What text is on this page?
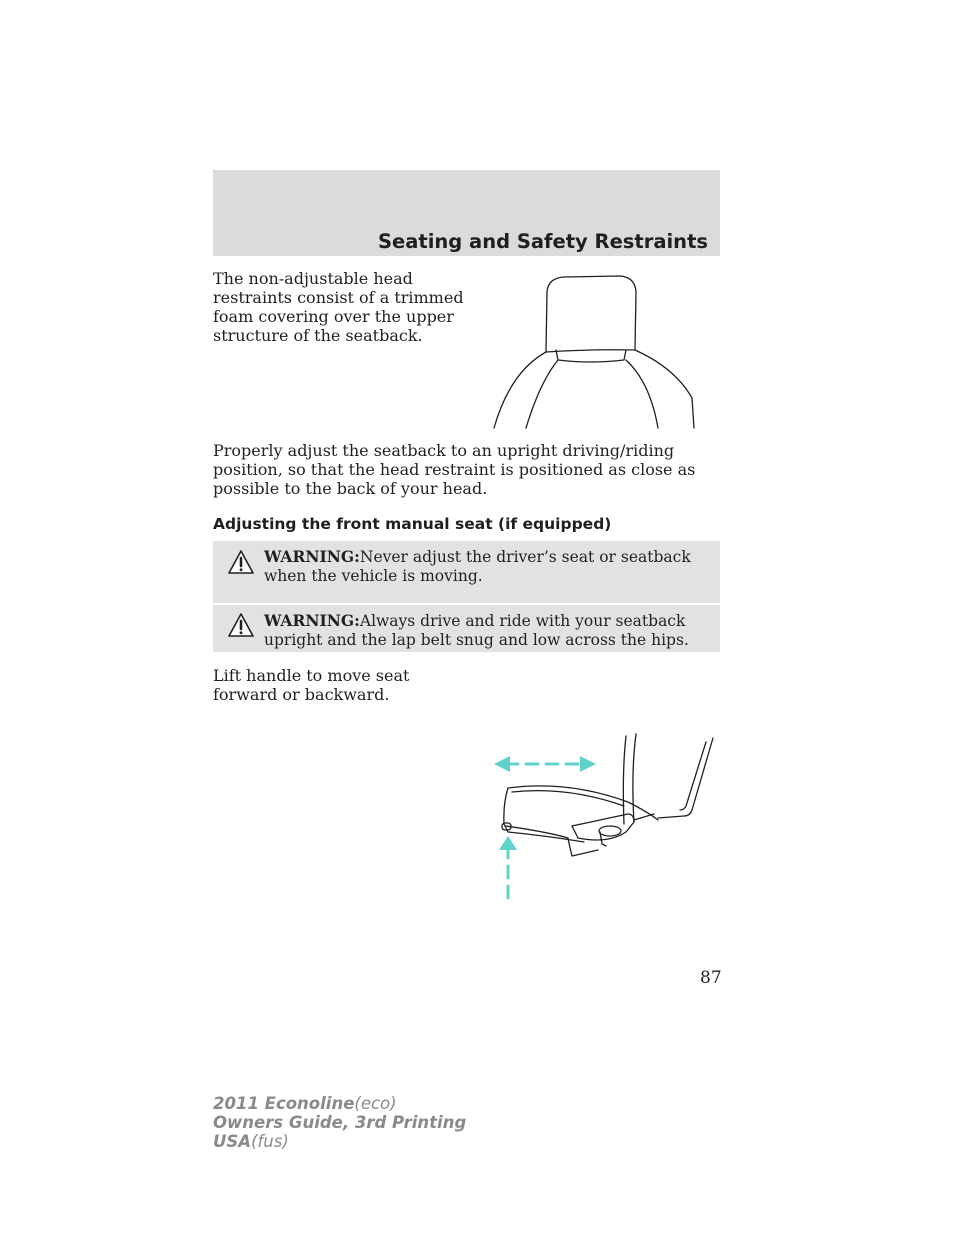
Seating and Safety Restraints

The non-adjustable head restraints consist of a trimmed foam covering over the upper structure of the seatback.

Properly adjust the seatback to an upright driving/riding position, so that the head restraint is positioned as close as possible to the back of your head.

Adjusting the front manual seat (if equipped)
WARNING:Never adjust the driver’s seat or seatback when the vehicle is moving.
WARNING:Always drive and ride with your seatback upright and the lap belt snug and low across the hips.

Lift handle to move seat forward or backward.

87
2011 Econoline(eco)
Owners Guide, 3rd Printing
USA(fus)
